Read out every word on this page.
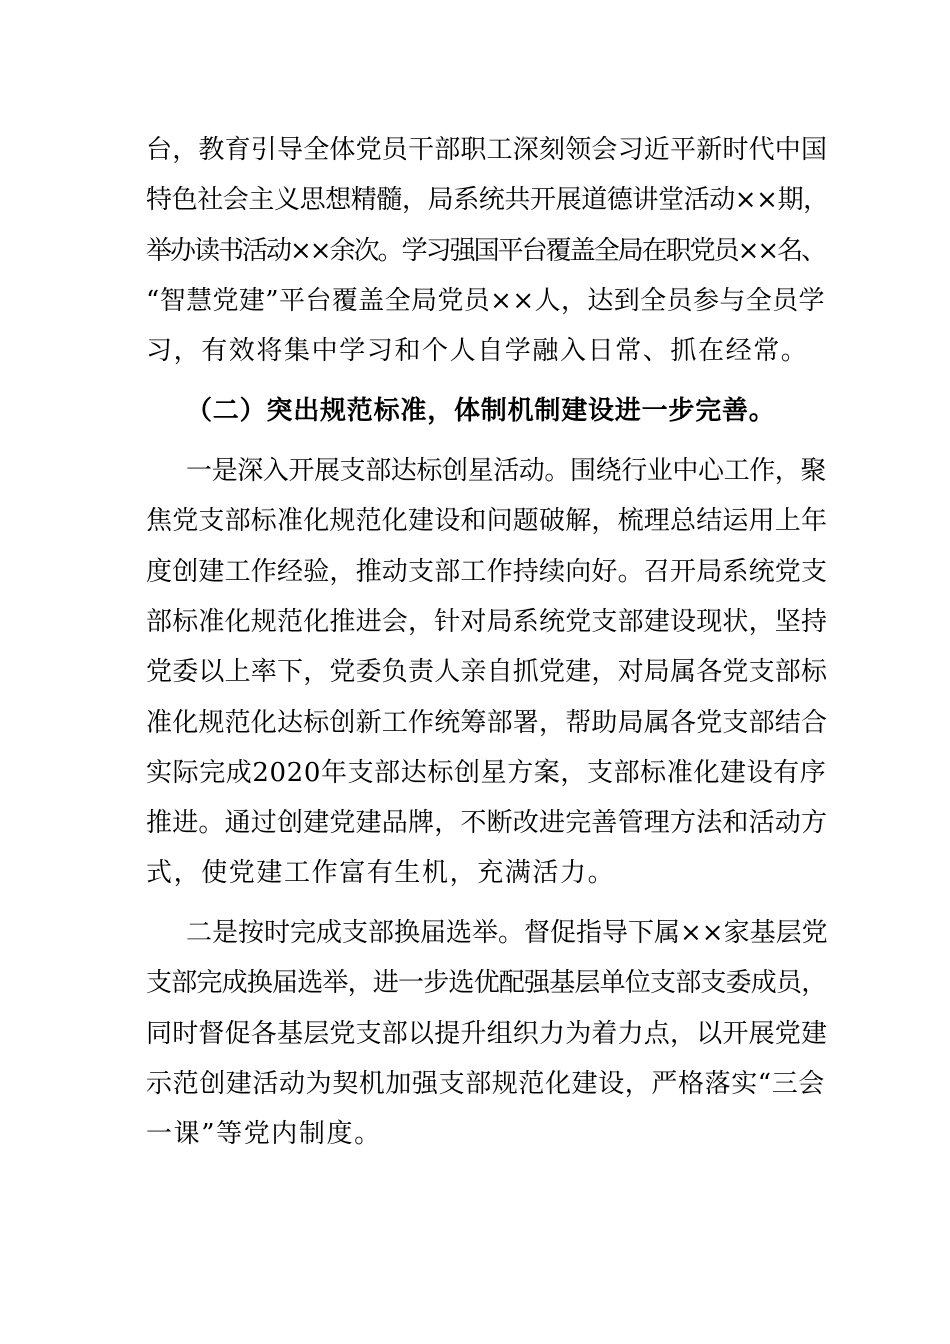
台，教育引导全体党员干部职工深刻领会习近平新时代中国
特色社会主义思想精髓，局系统共开展道德讲堂活动××期，
举办读书活动××余次。学习强国平台覆盖全局在职党员××名、
“智慧党建”平台覆盖全局党员××人，达到全员参与全员学
习，有效将集中学习和个人自学融入日常、抓在经常。
（二）突出规范标准，体制机制建设进一步完善。
一是深入开展支部达标创星活动。围绕行业中心工作，聚
焦党支部标准化规范化建设和问题破解，梳理总结运用上年
度创建工作经验，推动支部工作持续向好。召开局系统党支
部标准化规范化推进会，针对局系统党支部建设现状，坚持
党委以上率下，党委负责人亲自抓党建，对局属各党支部标
准化规范化达标创新工作统筹部署，帮助局属各党支部结合
实际完成2020年支部达标创星方案，支部标准化建设有序
推进。通过创建党建品牌，不断改进完善管理方法和活动方
式，使党建工作富有生机，充满活力。
二是按时完成支部换届选举。督促指导下属××家基层党
支部完成换届选举，进一步选优配强基层单位支部支委成员，
同时督促各基层党支部以提升组织力为着力点，以开展党建
示范创建活动为契机加强支部规范化建设，严格落实“三会
一课”等党内制度。
